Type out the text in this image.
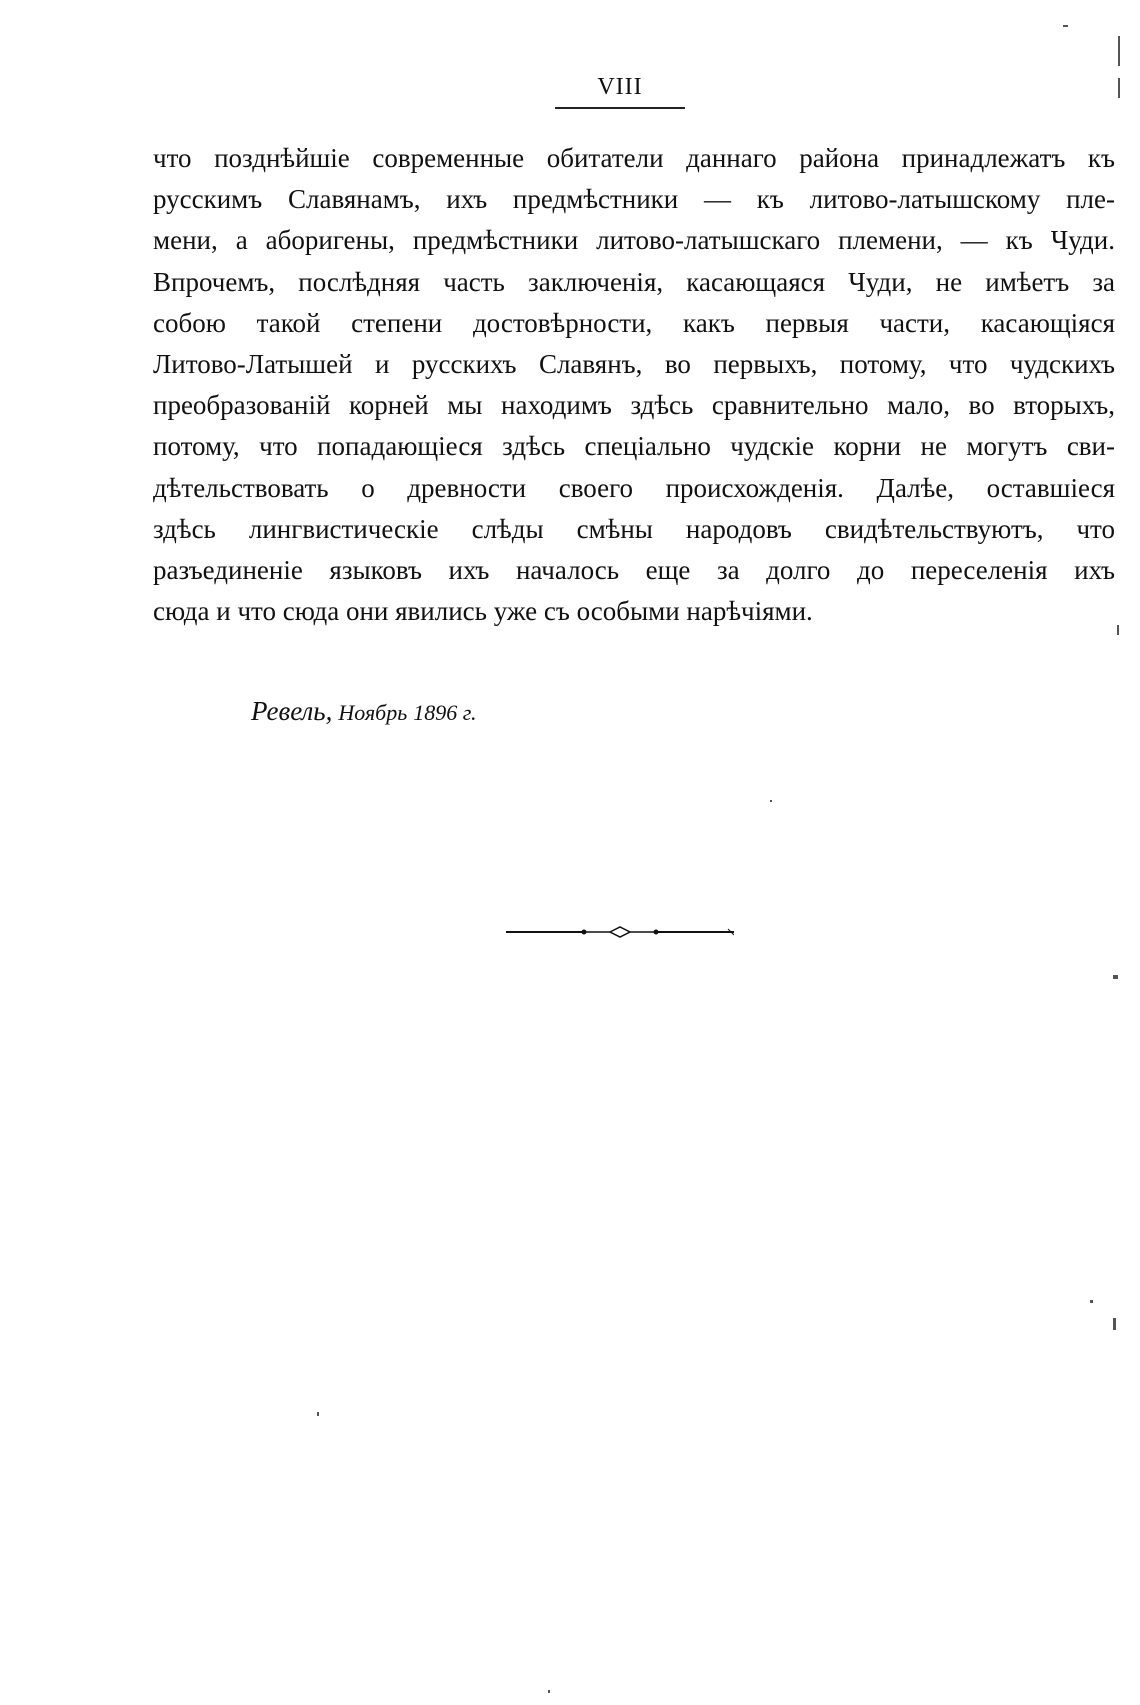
VIII
что позднѣйшіе современные обитатели даннаго района принадлежатъ къ
русскимъ Славянамъ, ихъ предмѣстники — къ литово-латышскому пле-
мени, а аборигены, предмѣстники литово-латышскаго племени, — къ Чуди.
Впрочемъ, послѣдняя часть заключенія, касающаяся Чуди, не имѣетъ за
собою такой степени достовѣрности, какъ первыя части, касающіяся
Литово-Латышей и русскихъ Славянъ, во первыхъ, потому, что чудскихъ
преобразованій корней мы находимъ здѣсь сравнительно мало, во вторыхъ,
потому, что попадающіеся здѣсь спеціально чудскіе корни не могутъ сви-
дѣтельствовать о древности своего происхожденія. Далѣе, оставшіеся
здѣсь лингвистическіе слѣды смѣны народовъ свидѣтельствуютъ, что
разъединеніе языковъ ихъ началось еще за долго до переселенія ихъ
сюда и что сюда они явились уже съ особыми нарѣчіями.
Ревель, Ноябрь 1896 г.
